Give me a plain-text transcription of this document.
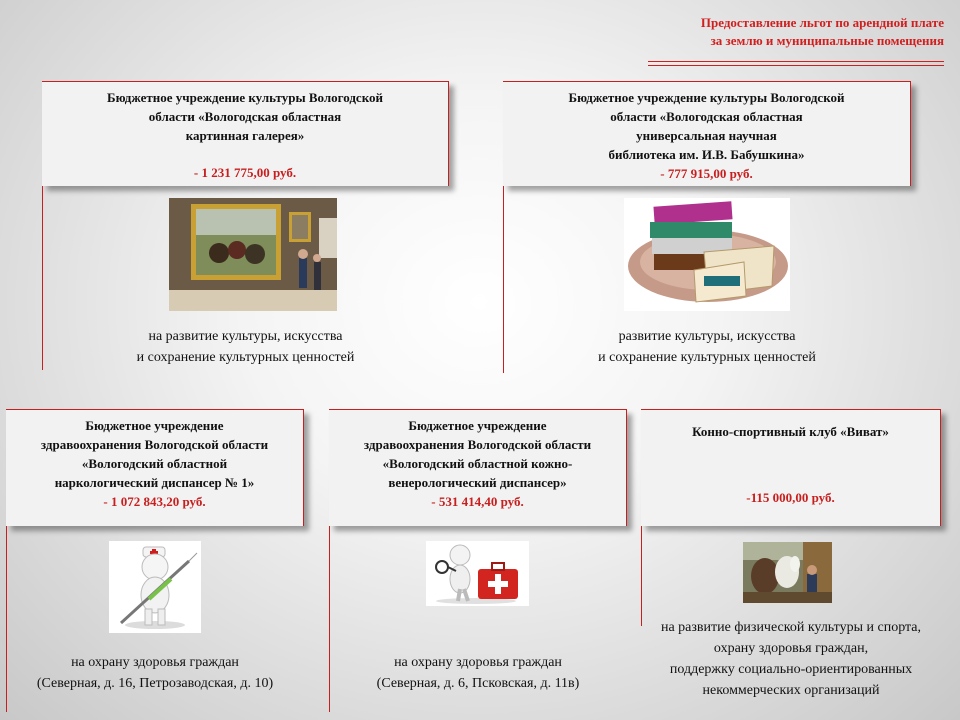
Предоставление льгот по арендной плате
за землю и муниципальные помещения
Бюджетное учреждение культуры Вологодской
области «Вологодская областная
картинная галерея»
- 1 231 775,00 руб.
на развитие культуры, искусства
и сохранение культурных ценностей
Бюджетное учреждение культуры Вологодской
области «Вологодская областная
универсальная научная
библиотека им. И.В. Бабушкина»
- 777 915,00 руб.
развитие культуры, искусства
и сохранение культурных ценностей
Бюджетное учреждение
здравоохранения Вологодской области
«Вологодский областной
наркологический диспансер № 1»
- 1 072 843,20 руб.
на охрану здоровья граждан
(Северная, д. 16, Петрозаводская, д. 10)
Бюджетное учреждение
здравоохранения Вологодской области
«Вологодский областной кожно-
венерологический диспансер»
- 531 414,40 руб.
на охрану здоровья граждан
(Северная, д. 6, Псковская, д. 11в)
Конно-спортивный клуб «Виват»
-115 000,00 руб.
на развитие физической культуры и спорта,
охрану здоровья граждан,
поддержку социально-ориентированных
некоммерческих организаций
